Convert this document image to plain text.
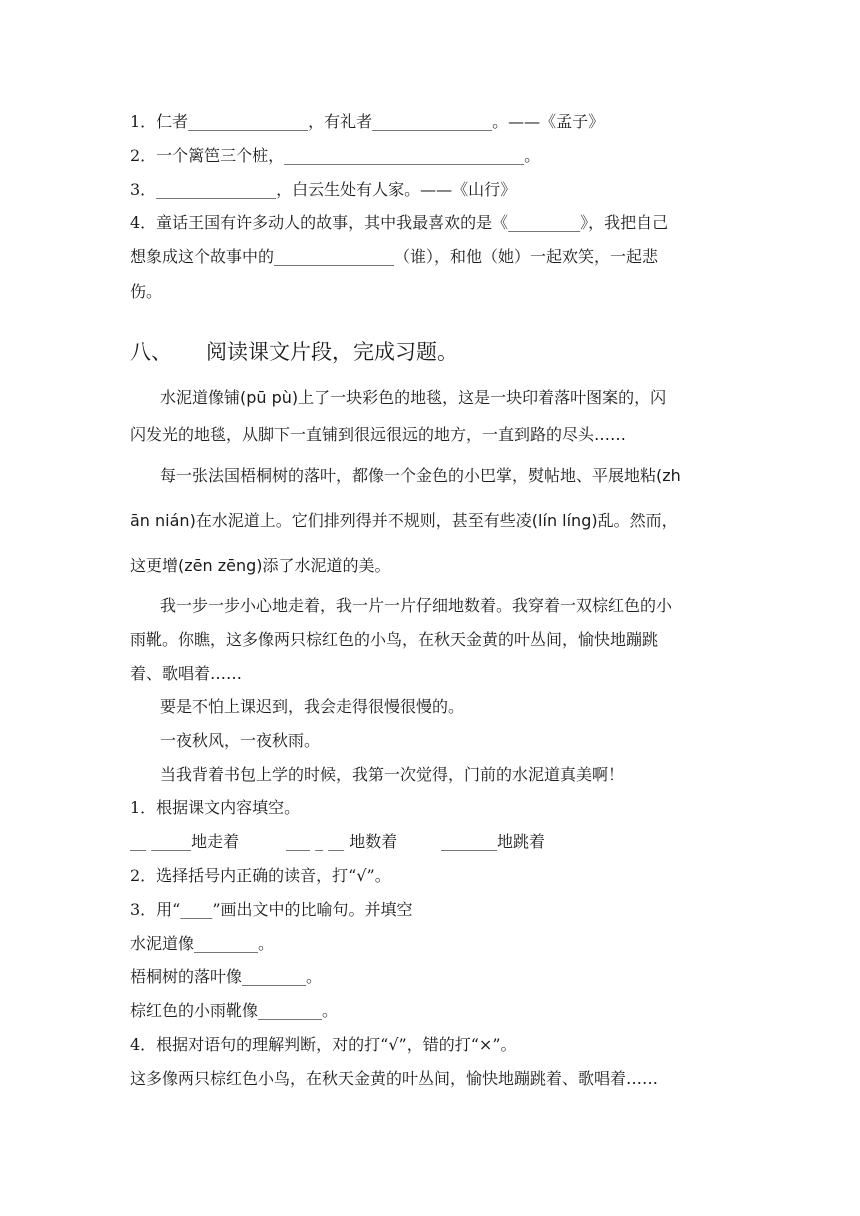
1．仁者_______________，有礼者_______________。——《孟子》
2．一个篱笆三个桩，______________________________。
3．_______________，白云生处有人家。——《山行》
4．童话王国有许多动人的故事，其中我最喜欢的是《_________》，我把自己
想象成这个故事中的_______________（谁），和他（她）一起欢笑，一起悲
伤。
八、 阅读课文片段，完成习题。
水泥道像铺(pū pù)上了一块彩色的地毯，这是一块印着落叶图案的，闪
闪发光的地毯，从脚下一直铺到很远很远的地方，一直到路的尽头……
每一张法国梧桐树的落叶，都像一个金色的小巴掌，熨帖地、平展地粘(zh
ān nián)在水泥道上。它们排列得并不规则，甚至有些凌(lín líng)乱。然而，
这更增(zēn zēng)添了水泥道的美。
我一步一步小心地走着，我一片一片仔细地数着。我穿着一双棕红色的小
雨靴。你瞧，这多像两只棕红色的小鸟，在秋天金黄的叶丛间，愉快地蹦跳
着、歌唱着……
要是不怕上课迟到，我会走得很慢很慢的。
一夜秋风，一夜秋雨。
当我背着书包上学的时候，我第一次觉得，门前的水泥道真美啊！
1．根据课文内容填空。
__ _____地走着	___ _ __ 地数着	_______地跳着
2．选择括号内正确的读音，打“√”。
3．用“____”画出文中的比喻句。并填空
水泥道像________。
梧桐树的落叶像________。
棕红色的小雨靴像________。
4．根据对语句的理解判断，对的打“√”，错的打“×”。
这多像两只棕红色小鸟，在秋天金黄的叶丛间，愉快地蹦跳着、歌唱着……
